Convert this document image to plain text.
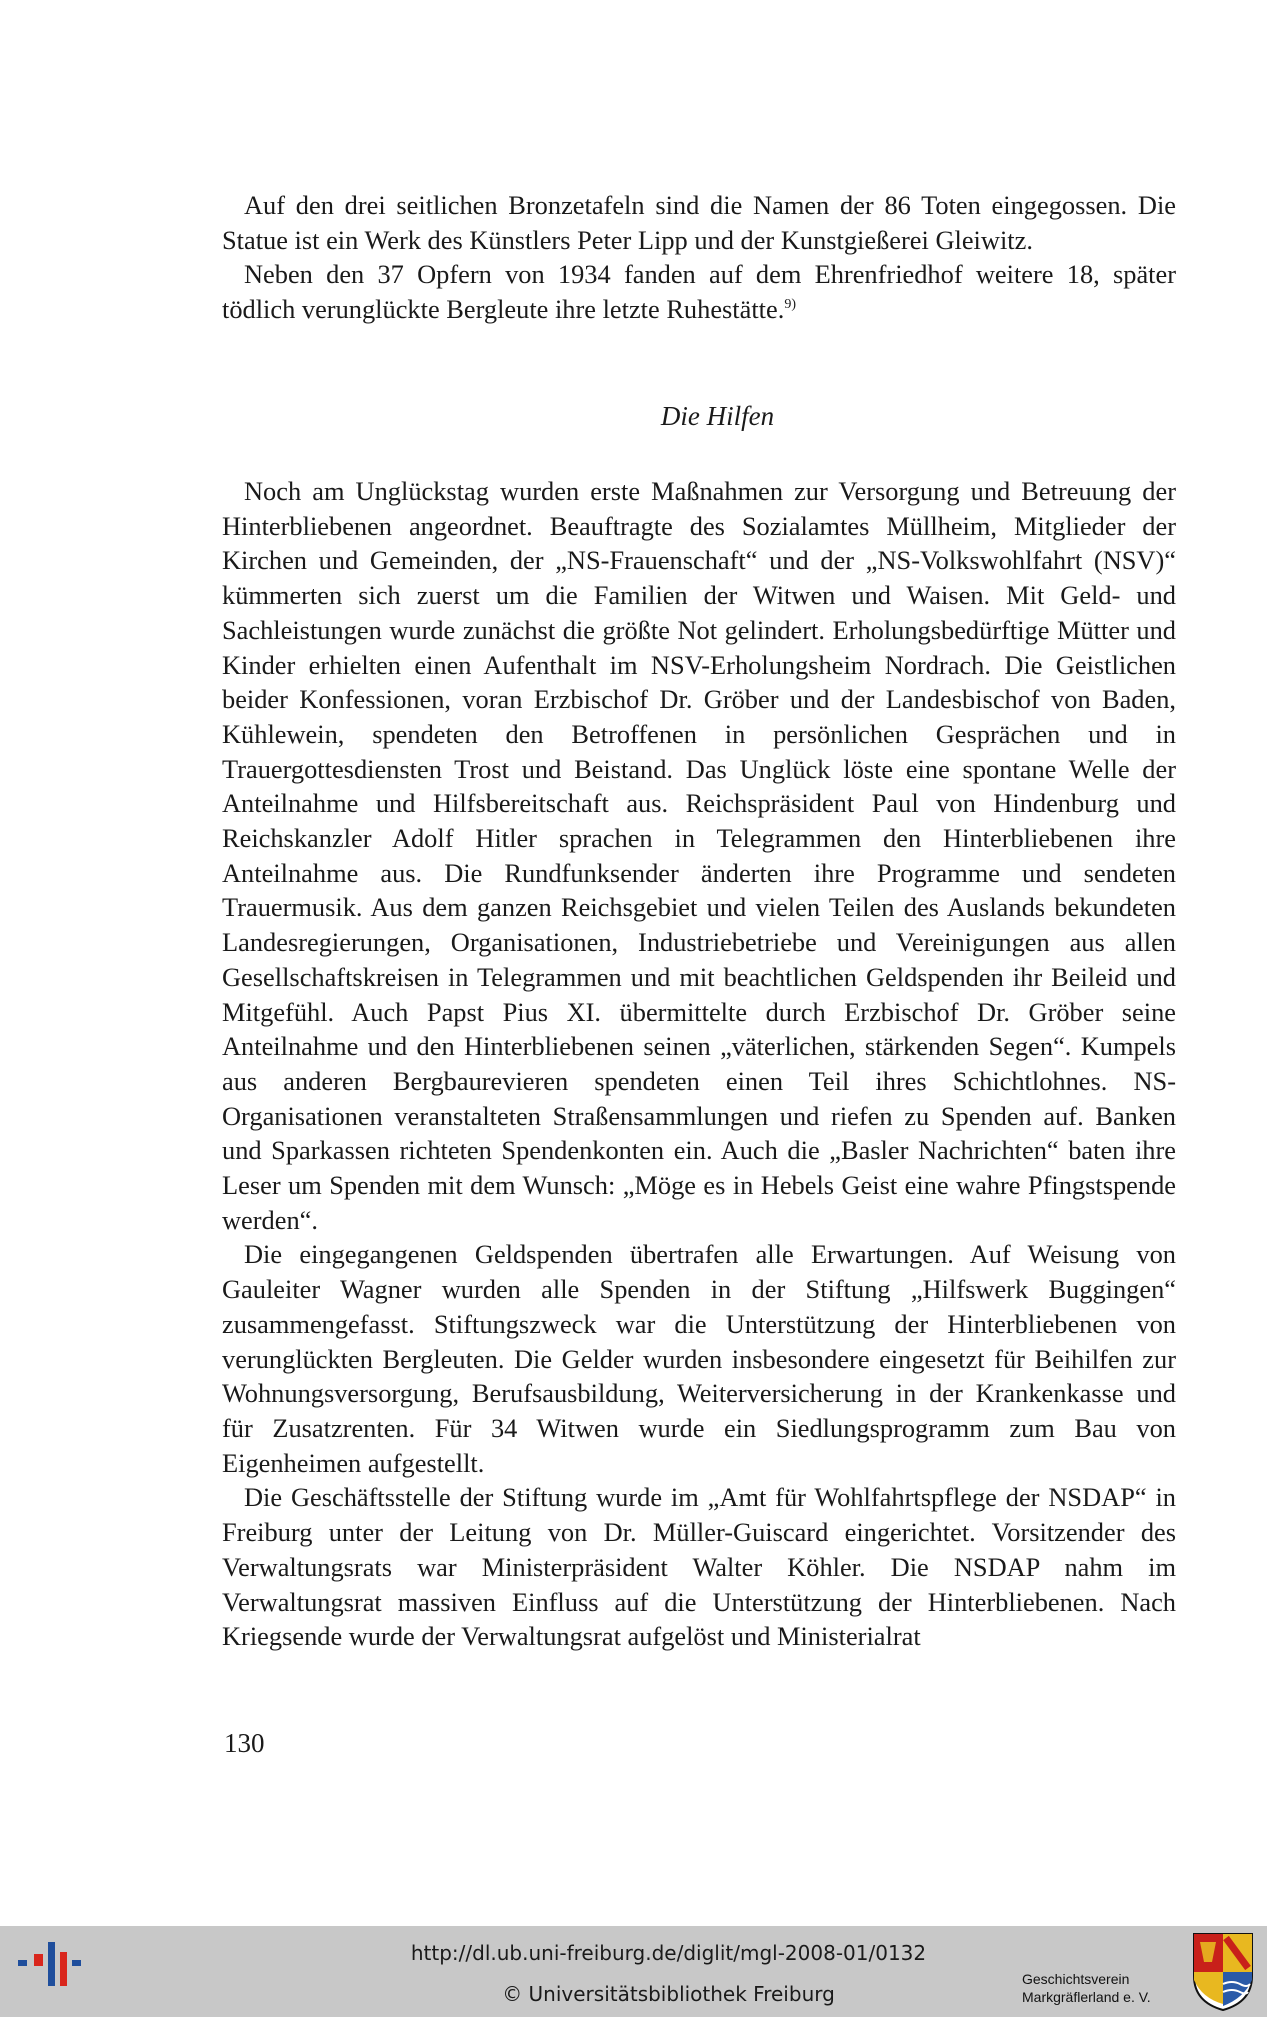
Auf den drei seitlichen Bronzetafeln sind die Namen der 86 Toten eingegossen. Die Statue ist ein Werk des Künstlers Peter Lipp und der Kunstgießerei Gleiwitz.

Neben den 37 Opfern von 1934 fanden auf dem Ehrenfriedhof weitere 18, später tödlich verunglückte Bergleute ihre letzte Ruhestätte.$^{9)}$

Die Hilfen

Noch am Unglückstag wurden erste Maßnahmen zur Versorgung und Betreuung der Hinterbliebenen angeordnet. Beauftragte des Sozialamtes Müllheim, Mitglieder der Kirchen und Gemeinden, der „NS-Frauenschaft“ und der „NS-Volkswohlfahrt (NSV)“ kümmerten sich zuerst um die Familien der Witwen und Waisen. Mit Geld- und Sachleistungen wurde zunächst die größte Not gelindert. Erholungsbedürftige Mütter und Kinder erhielten einen Aufenthalt im NSV-Erholungsheim Nordrach. Die Geistlichen beider Konfessionen, voran Erzbischof Dr. Gröber und der Landesbischof von Baden, Kühlewein, spendeten den Betroffenen in persönlichen Gesprächen und in Trauergottesdiensten Trost und Beistand. Das Unglück löste eine spontane Welle der Anteilnahme und Hilfsbereitschaft aus. Reichspräsident Paul von Hindenburg und Reichskanzler Adolf Hitler sprachen in Telegrammen den Hinterbliebenen ihre Anteilnahme aus. Die Rundfunksender änderten ihre Programme und sendeten Trauermusik. Aus dem ganzen Reichsgebiet und vielen Teilen des Auslands bekundeten Landesregierungen, Organisationen, Industriebetriebe und Vereinigungen aus allen Gesellschaftskreisen in Telegrammen und mit beachtlichen Geldspenden ihr Beileid und Mitgefühl. Auch Papst Pius XI. übermittelte durch Erzbischof Dr. Gröber seine Anteilnahme und den Hinterbliebenen seinen „väterlichen, stärkenden Segen“. Kumpels aus anderen Bergbaurevieren spendeten einen Teil ihres Schichtlohnes. NS-Organisationen veranstalteten Straßensammlungen und riefen zu Spenden auf. Banken und Sparkassen richteten Spendenkonten ein. Auch die „Basler Nachrichten“ baten ihre Leser um Spenden mit dem Wunsch: „Möge es in Hebels Geist eine wahre Pfingstspende werden“.

Die eingegangenen Geldspenden übertrafen alle Erwartungen. Auf Weisung von Gauleiter Wagner wurden alle Spenden in der Stiftung „Hilfswerk Buggingen“ zusammengefasst. Stiftungszweck war die Unterstützung der Hinterbliebenen von verunglückten Bergleuten. Die Gelder wurden insbesondere eingesetzt für Beihilfen zur Wohnungsversorgung, Berufsausbildung, Weiterversicherung in der Krankenkasse und für Zusatzrenten. Für 34 Witwen wurde ein Siedlungsprogramm zum Bau von Eigenheimen aufgestellt.

Die Geschäftsstelle der Stiftung wurde im „Amt für Wohlfahrtspflege der NSDAP“ in Freiburg unter der Leitung von Dr. Müller-Guiscard eingerichtet. Vorsitzender des Verwaltungsrats war Ministerpräsident Walter Köhler. Die NSDAP nahm im Verwaltungsrat massiven Einfluss auf die Unterstützung der Hinterbliebenen. Nach Kriegsende wurde der Verwaltungsrat aufgelöst und Ministerialrat

130
http://dl.ub.uni-freiburg.de/diglit/mgl-2008-01/0132
© Universitätsbibliothek Freiburg
Geschichtsverein
Markgräflerland e. V.
